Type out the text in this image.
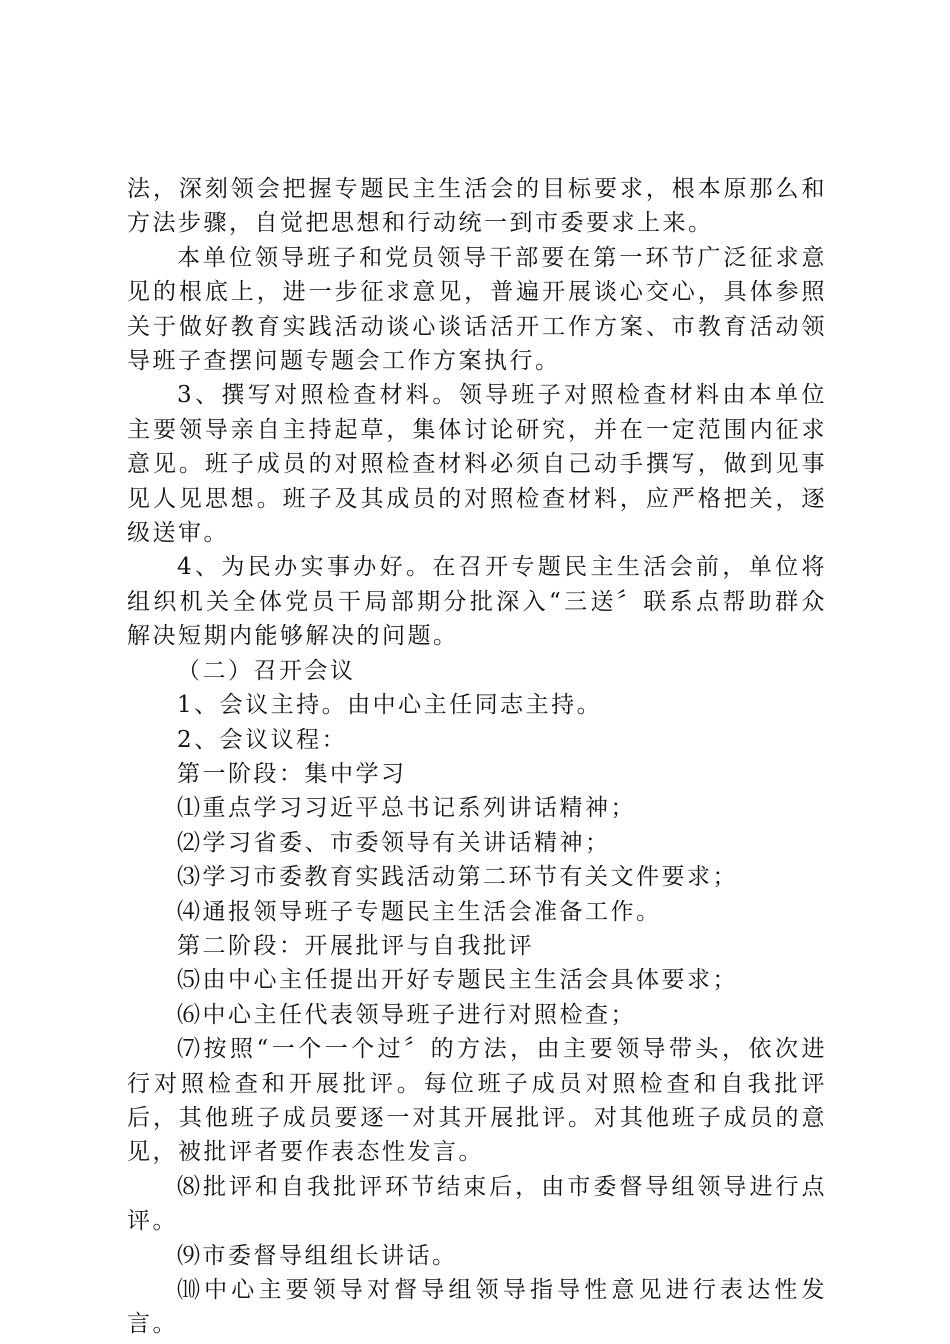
法，深刻领会把握专题民主生活会的目标要求，根本原那么和方法步骤，自觉把思想和行动统一到市委要求上来。

本单位领导班子和党员领导干部要在第一环节广泛征求意见的根底上，进一步征求意见，普遍开展谈心交心，具体参照关于做好教育实践活动谈心谈话活开工作方案、市教育活动领导班子查摆问题专题会工作方案执行。

3、撰写对照检查材料。领导班子对照检查材料由本单位主要领导亲自主持起草，集体讨论研究，并在一定范围内征求意见。班子成员的对照检查材料必须自己动手撰写，做到见事见人见思想。班子及其成员的对照检查材料，应严格把关，逐级送审。

4、为民办实事办好。在召开专题民主生活会前，单位将组织机关全体党员干局部期分批深入“三送〞联系点帮助群众解决短期内能够解决的问题。

（二）召开会议

1、会议主持。由中心主任同志主持。

2、会议议程：

第一阶段：集中学习

⑴重点学习习近平总书记系列讲话精神；

⑵学习省委、市委领导有关讲话精神；

⑶学习市委教育实践活动第二环节有关文件要求；

⑷通报领导班子专题民主生活会准备工作。

第二阶段：开展批评与自我批评

⑸由中心主任提出开好专题民主生活会具体要求；

⑹中心主任代表领导班子进行对照检查；

⑺按照“一个一个过〞的方法，由主要领导带头，依次进行对照检查和开展批评。每位班子成员对照检查和自我批评后，其他班子成员要逐一对其开展批评。对其他班子成员的意见，被批评者要作表态性发言。

⑻批评和自我批评环节结束后，由市委督导组领导进行点评。

⑼市委督导组组长讲话。

⑽中心主要领导对督导组领导指导性意见进行表达性发言。
